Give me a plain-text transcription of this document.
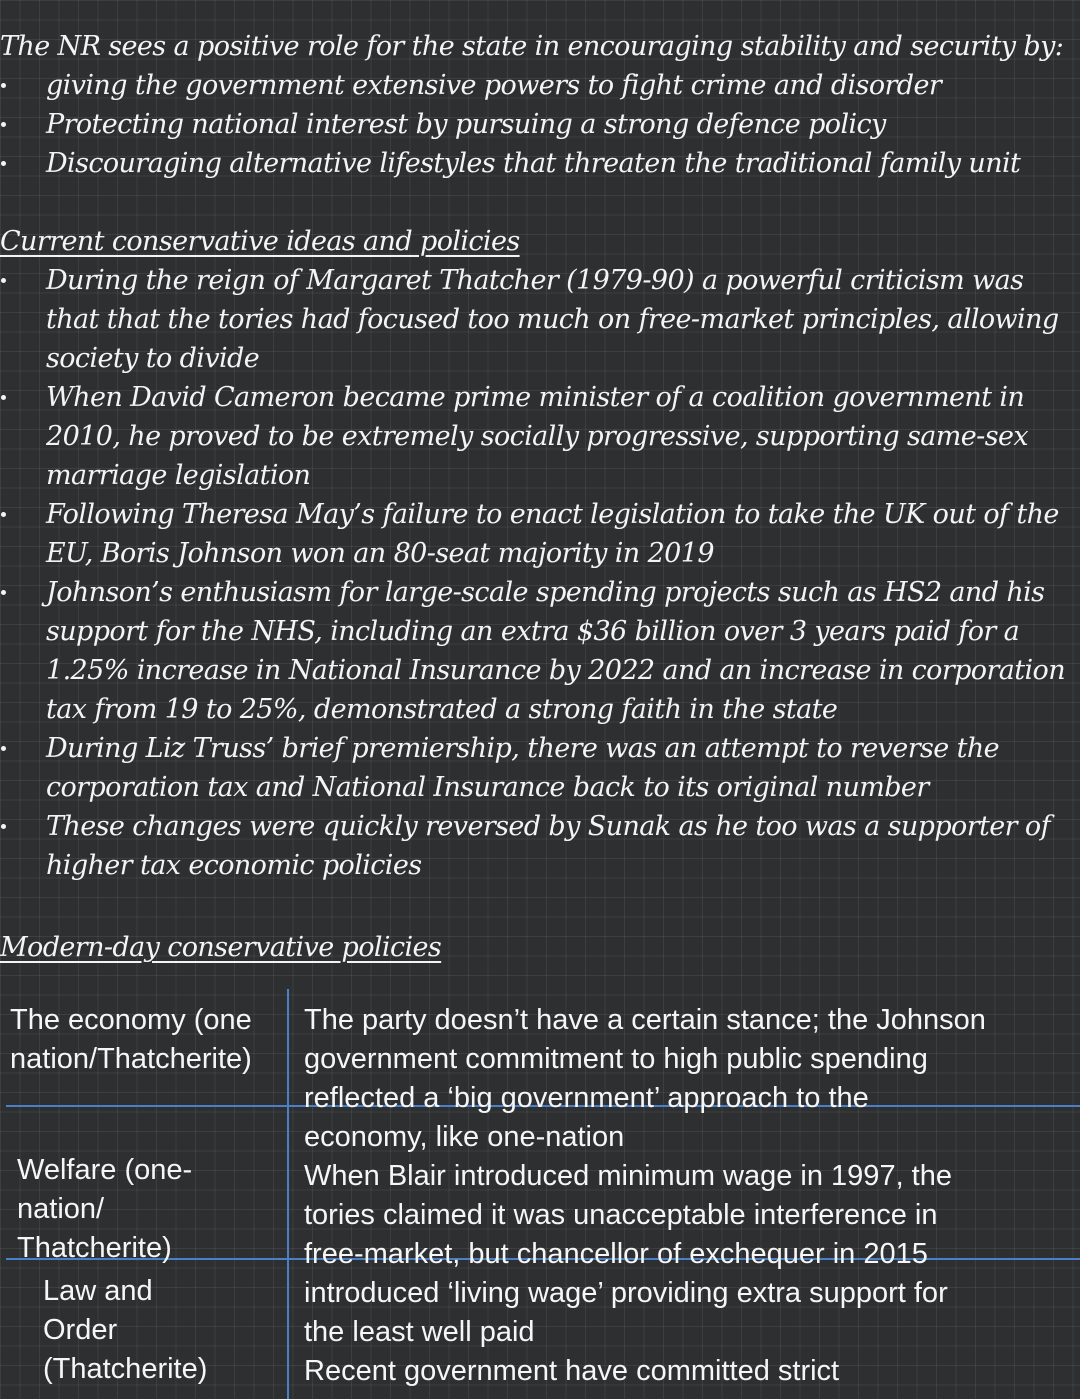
The NR sees a positive role for the state in encouraging stability and security by:

giving the government extensive powers to fight crime and disorder
Protecting national interest by pursuing a strong defence policy
Discouraging alternative lifestyles that threaten the traditional family unit

Current conservative ideas and policies

During the reign of Margaret Thatcher (1979-90) a powerful criticism was that that the tories had focused too much on free-market principles, allowing society to divide
When David Cameron became prime minister of a coalition government in 2010, he proved to be extremely socially progressive, supporting same-sex marriage legislation
Following Theresa May’s failure to enact legislation to take the UK out of the EU, Boris Johnson won an 80-seat majority in 2019
Johnson’s enthusiasm for large-scale spending projects such as HS2 and his support for the NHS, including an extra $36 billion over 3 years paid for a 1.25% increase in National Insurance by 2022 and an increase in corporation tax from 19 to 25%, demonstrated a strong faith in the state
During Liz Truss’ brief premiership, there was an attempt to reverse the corporation tax and National Insurance back to its original number
These changes were quickly reversed by Sunak as he too was a supporter of higher tax economic policies

Modern-day conservative policies

The economy (one
nation/Thatcherite)
Welfare (one-
nation/
Thatcherite)
Law and
Order
(Thatcherite)
The party doesn’t have a certain stance; the Johnson
government commitment to high public spending
reflected a ‘big government’ approach to the
economy, like one-nation
When Blair introduced minimum wage in 1997, the
tories claimed it was unacceptable interference in
free-market, but chancellor of exchequer in 2015
introduced ‘living wage’ providing extra support for
the least well paid
Recent government have committed strict
